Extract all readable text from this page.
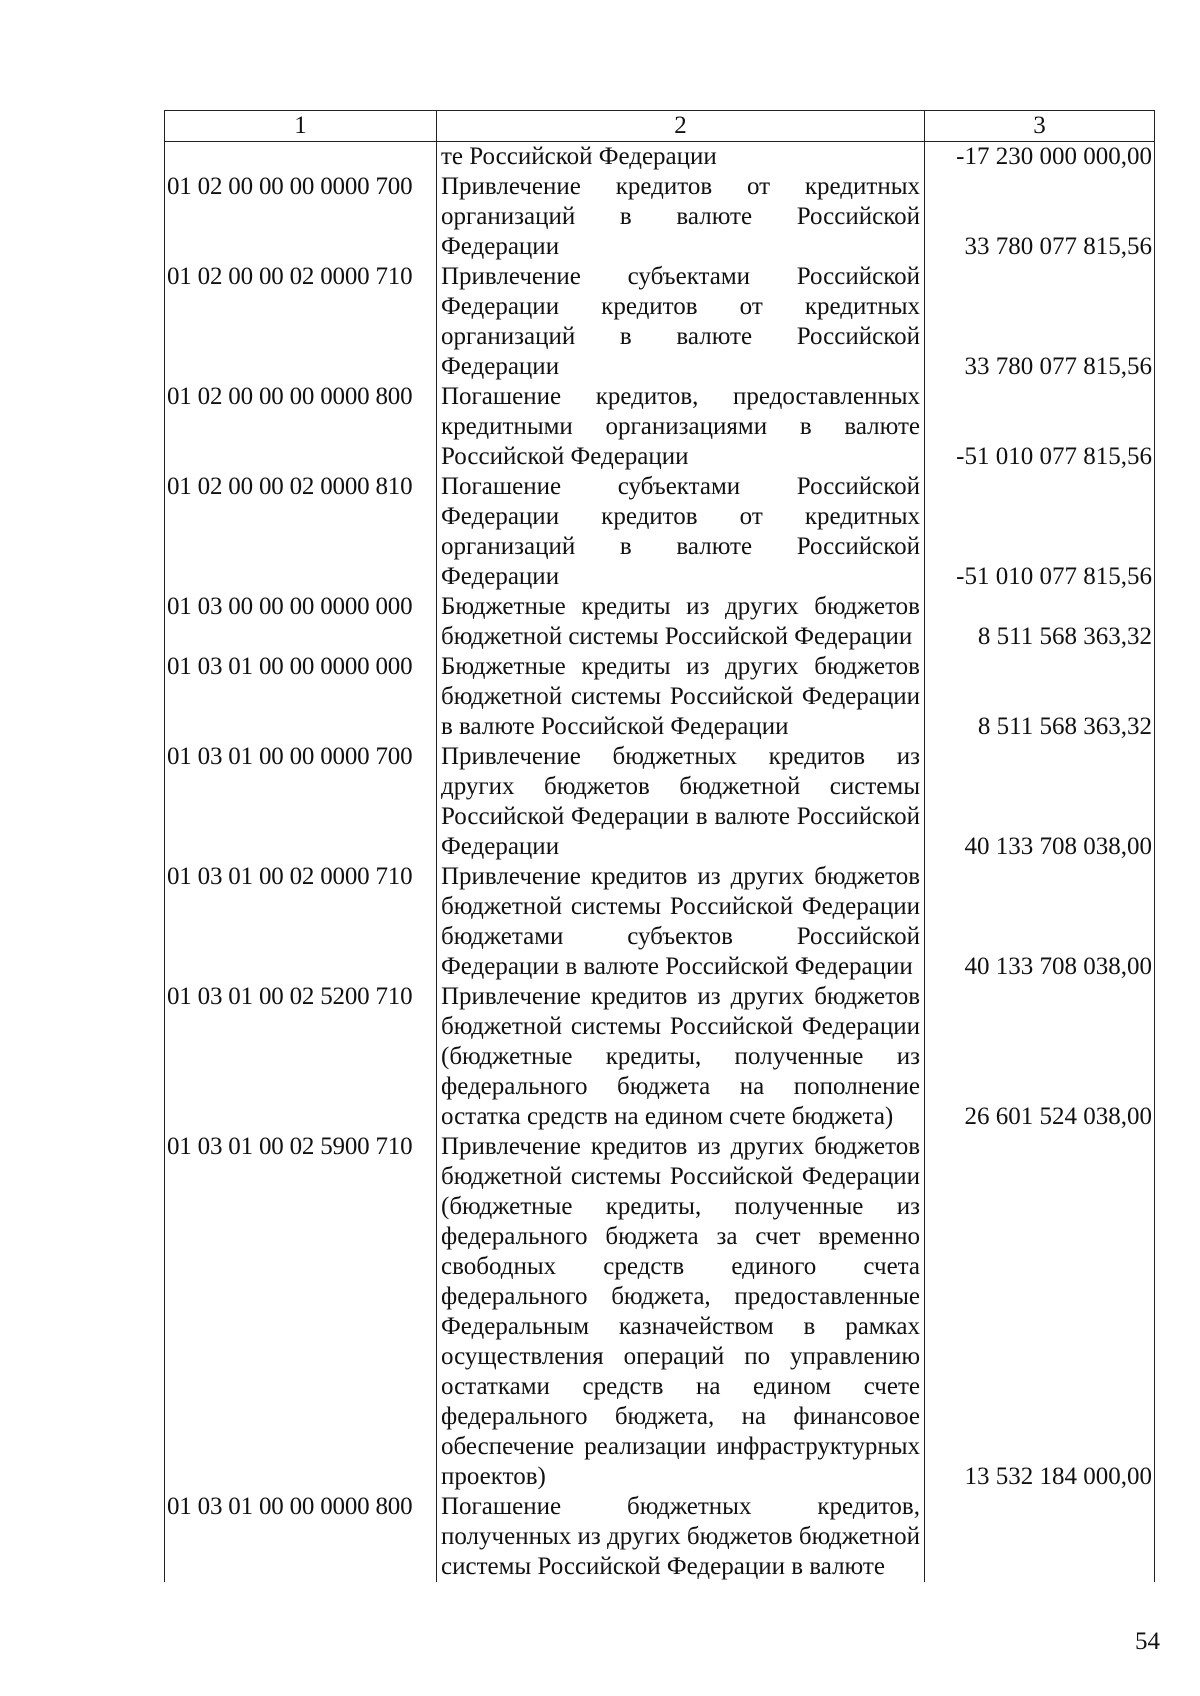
1	2	3
	те Российской Федерации	-17 230 000 000,00
01 02 00 00 00 0000 700	Привлечение кредитов от кредитных организаций в валюте Российской Федерации	33 780 077 815,56
01 02 00 00 02 0000 710	Привлечение субъектами Российской Федерации кредитов от кредитных организаций в валюте Российской Федерации	33 780 077 815,56
01 02 00 00 00 0000 800	Погашение кредитов, предоставленных кредитными организациями в валюте Российской Федерации	-51 010 077 815,56
01 02 00 00 02 0000 810	Погашение субъектами Российской Федерации кредитов от кредитных организаций в валюте Российской Федерации	-51 010 077 815,56
01 03 00 00 00 0000 000	Бюджетные кредиты из других бюджетов бюджетной системы Российской Федерации	8 511 568 363,32
01 03 01 00 00 0000 000	Бюджетные кредиты из других бюджетов бюджетной системы Российской Федерации в валюте Российской Федерации	8 511 568 363,32
01 03 01 00 00 0000 700	Привлечение бюджетных кредитов из других бюджетов бюджетной системы Российской Федерации в валюте Российской Федерации	40 133 708 038,00
01 03 01 00 02 0000 710	Привлечение кредитов из других бюджетов бюджетной системы Российской Федерации бюджетами субъектов Российской Федерации в валюте Российской Федерации	40 133 708 038,00
01 03 01 00 02 5200 710	Привлечение кредитов из других бюджетов бюджетной системы Российской Федерации (бюджетные кредиты, полученные из федерального бюджета на пополнение остатка средств на едином счете бюджета)	26 601 524 038,00
01 03 01 00 02 5900 710	Привлечение кредитов из других бюджетов бюджетной системы Российской Федерации (бюджетные кредиты, полученные из федерального бюджета за счет временно свободных средств единого счета федерального бюджета, предоставленные Федеральным казначейством в рамках осуществления операций по управлению остатками средств на едином счете федерального бюджета, на финансовое обеспечение реализации инфраструктурных проектов)	13 532 184 000,00
01 03 01 00 00 0000 800	Погашение бюджетных кредитов, полученных из других бюджетов бюджетной системы Российской Федерации в валюте	
54
